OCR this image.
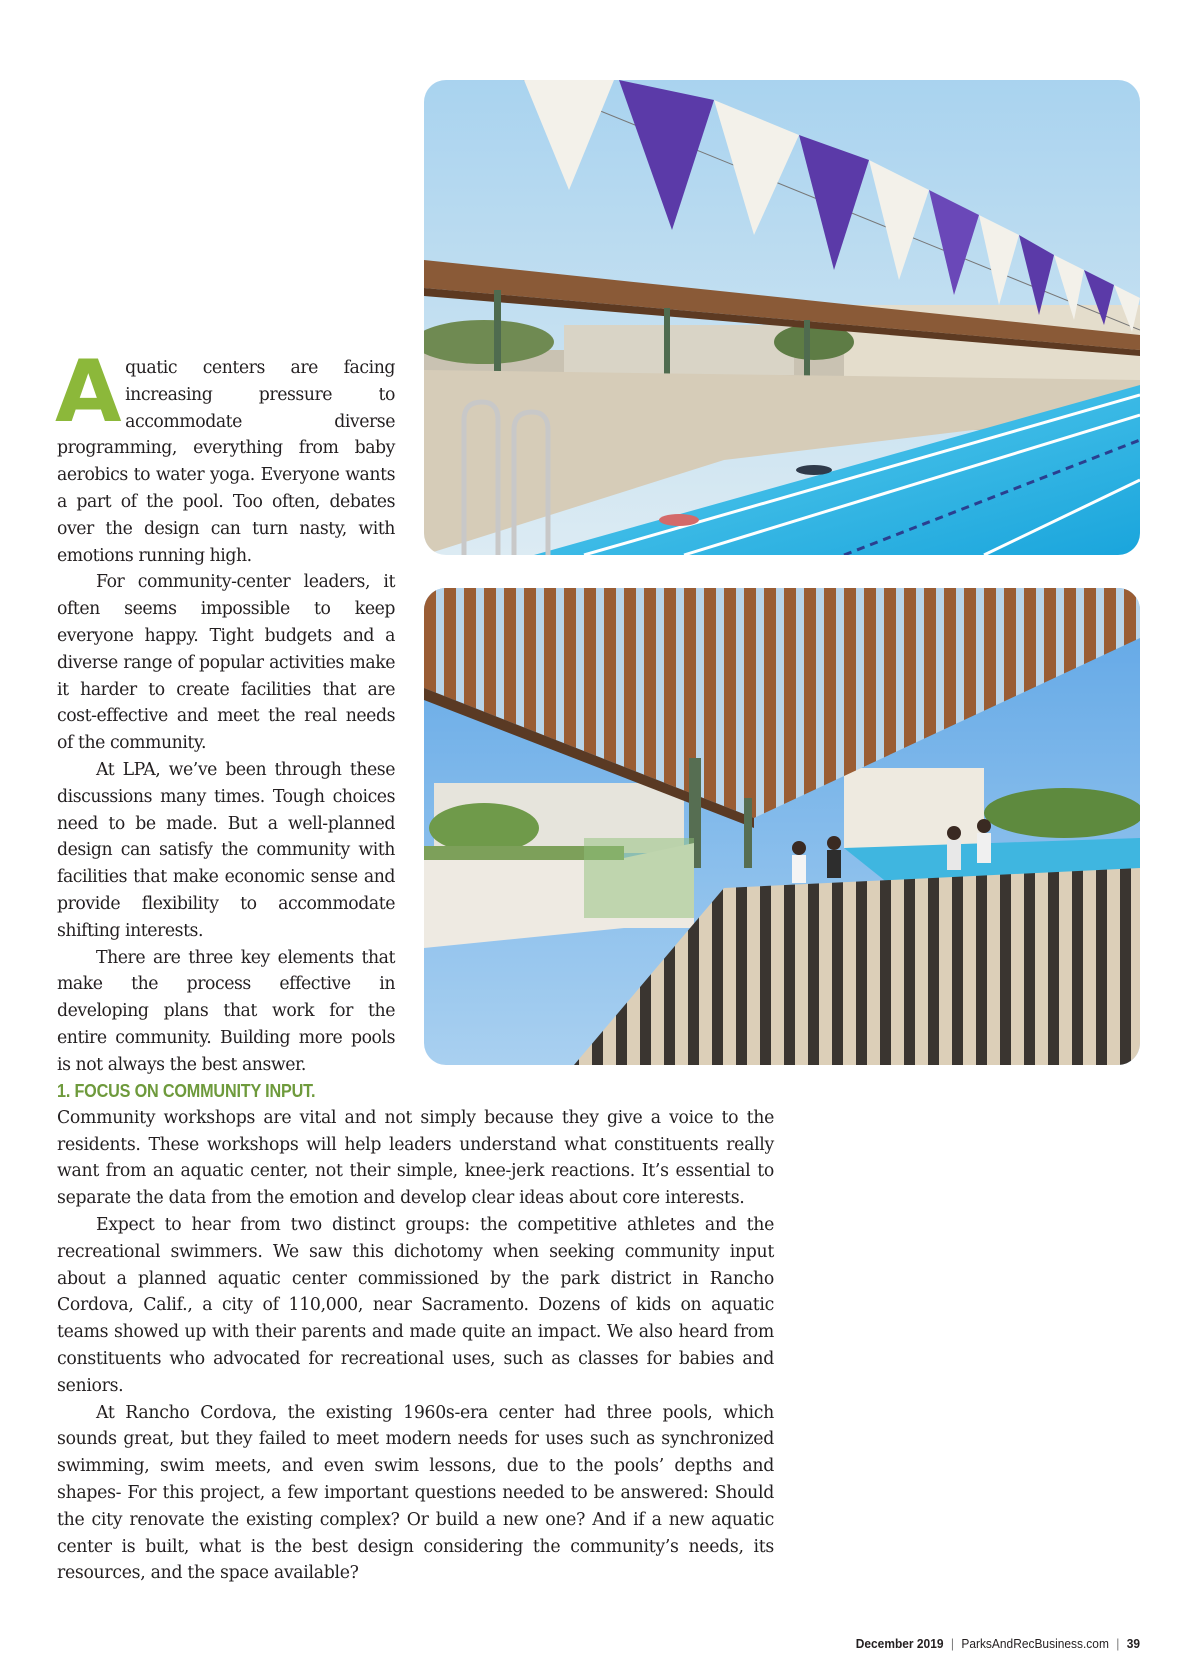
Aquatic centers are facing increasing pressure to accommodate diverse programming, everything from baby aerobics to water yoga. Everyone wants a part of the pool. Too often, debates over the design can turn nasty, with emotions running high.

For community-center leaders, it often seems impossible to keep everyone happy. Tight budgets and a diverse range of popular activities make it harder to create facilities that are cost-effective and meet the real needs of the community.

At LPA, we’ve been through these discussions many times. Tough choices need to be made. But a well-planned design can satisfy the community with facilities that make economic sense and provide flexibility to accommodate shifting interests.

There are three key elements that make the process effective in developing plans that work for the entire community. Building more pools is not always the best answer.

1. FOCUS ON COMMUNITY INPUT.

Community workshops are vital and not simply because they give a voice to the residents. These workshops will help leaders understand what constituents really want from an aquatic center, not their simple, knee-jerk reactions. It’s essential to separate the data from the emotion and develop clear ideas about core interests.

Expect to hear from two distinct groups: the competitive athletes and the recreational swimmers. We saw this dichotomy when seeking community input about a planned aquatic center commissioned by the park district in Rancho Cordova, Calif., a city of 110,000, near Sacramento. Dozens of kids on aquatic teams showed up with their parents and made quite an impact. We also heard from constituents who advocated for recreational uses, such as classes for babies and seniors.

At Rancho Cordova, the existing 1960s-era center had three pools, which sounds great, but they failed to meet modern needs for uses such as synchronized swimming, swim meets, and even swim lessons, due to the pools’ depths and shapes- For this project, a few important questions needed to be answered: Should the city renovate the existing complex? Or build a new one? And if a new aquatic center is built, what is the best design considering the community’s needs, its resources, and the space available?

December 2019 | ParksAndRecBusiness.com | 39
